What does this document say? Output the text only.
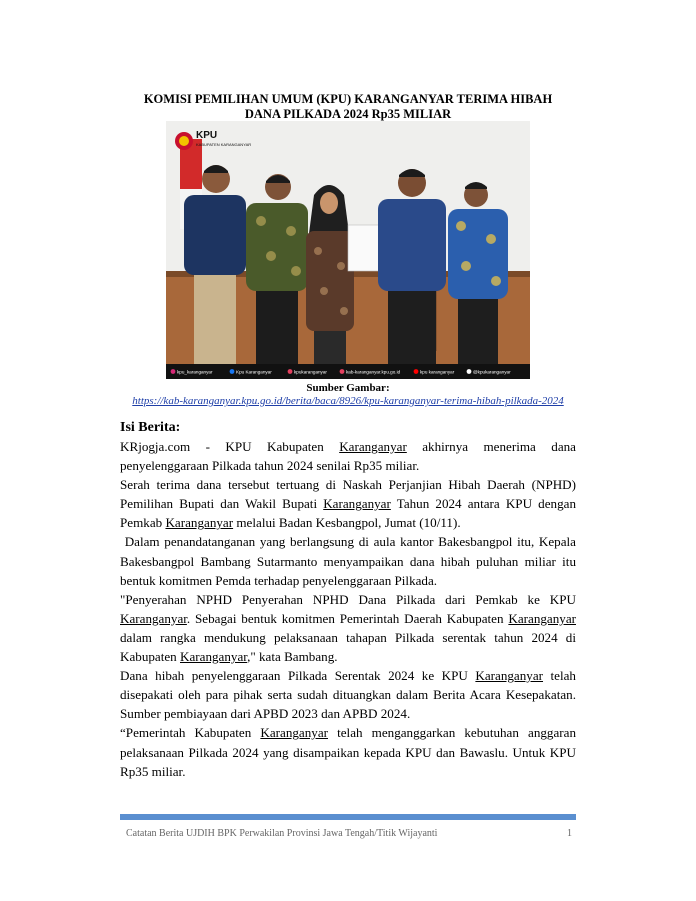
KOMISI PEMILIHAN UMUM (KPU) KARANGANYAR TERIMA HIBAH
DANA PILKADA 2024 Rp35 MILIAR
KPU
KABUPATEN KARANGANYAR
kpu_karanganyar	Kpu Karanganyar	kpukaranganyar	kab-karanganyar.kpu.go.id	kpu karanganyar	@kpukaranganyar
Sumber Gambar:
https://kab-karanganyar.kpu.go.id/berita/baca/8926/kpu-karanganyar-terima-hibah-pilkada-2024
Isi Berita:

KRjogja.com - KPU Kabupaten Karanganyar akhirnya menerima dana penyelenggaraan Pilkada tahun 2024 senilai Rp35 miliar.

Serah terima dana tersebut tertuang di Naskah Perjanjian Hibah Daerah (NPHD) Pemilihan Bupati dan Wakil Bupati Karanganyar Tahun 2024 antara KPU dengan Pemkab Karanganyar melalui Badan Kesbangpol, Jumat (10/11).

Dalam penandatanganan yang berlangsung di aula kantor Bakesbangpol itu, Kepala Bakesbangpol Bambang Sutarmanto menyampaikan dana hibah puluhan miliar itu bentuk komitmen Pemda terhadap penyelenggaraan Pilkada.

"Penyerahan NPHD Penyerahan NPHD Dana Pilkada dari Pemkab ke KPU Karanganyar. Sebagai bentuk komitmen Pemerintah Daerah Kabupaten Karanganyar dalam rangka mendukung pelaksanaan tahapan Pilkada serentak tahun 2024 di Kabupaten Karanganyar," kata Bambang.

Dana hibah penyelenggaraan Pilkada Serentak 2024 ke KPU Karanganyar telah disepakati oleh para pihak serta sudah dituangkan dalam Berita Acara Kesepakatan. Sumber pembiayaan dari APBD 2023 dan APBD 2024.

“Pemerintah Kabupaten Karanganyar telah menganggarkan kebutuhan anggaran pelaksanaan Pilkada 2024 yang disampaikan kepada KPU dan Bawaslu. Untuk KPU Rp35 miliar.

Catatan Berita UJDIH BPK Perwakilan Provinsi Jawa Tengah/Titik Wijayanti	1
